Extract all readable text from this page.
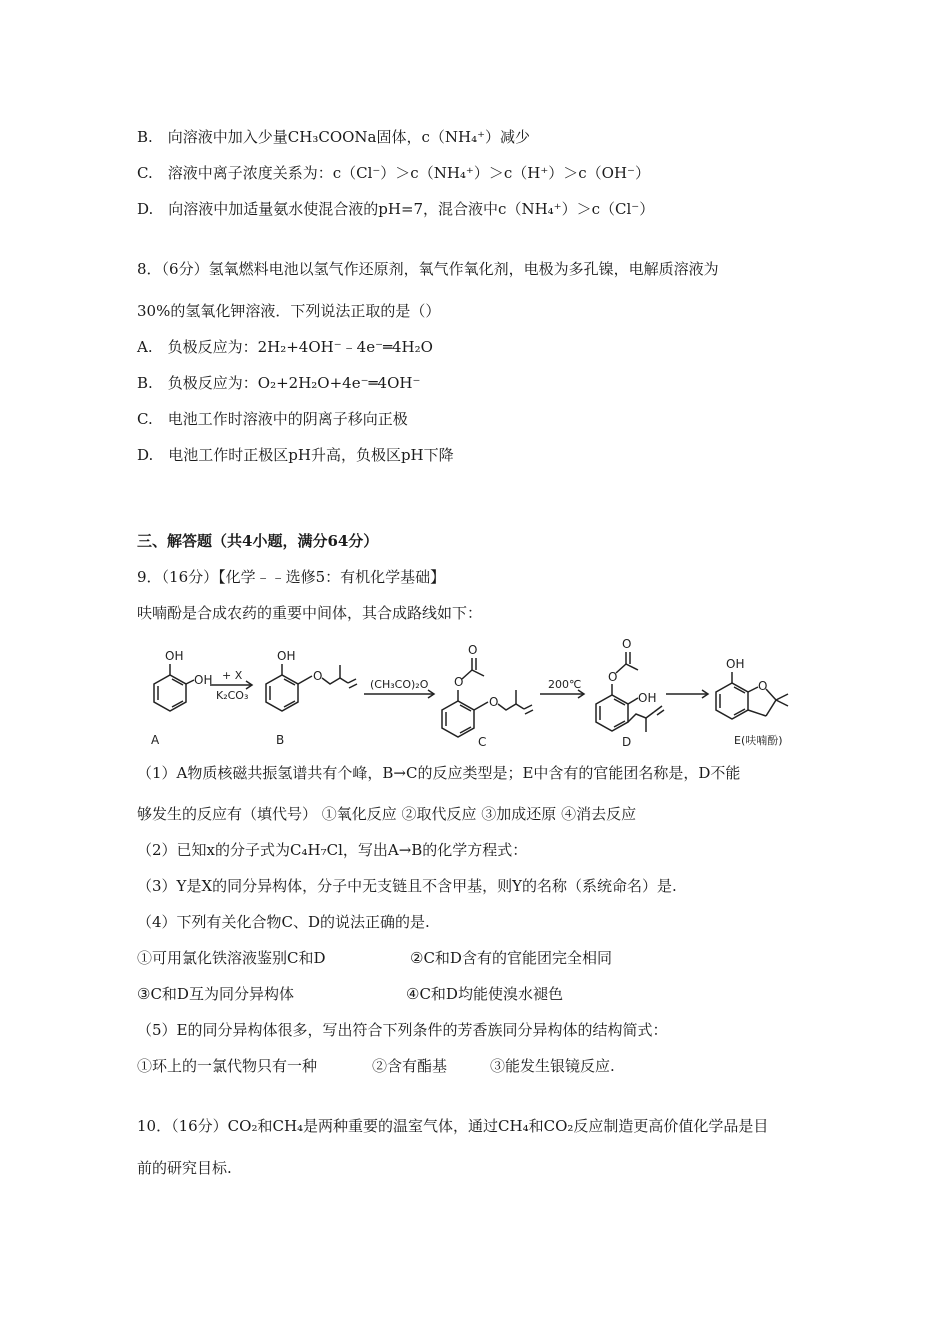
B.　向溶液中加入少量CH₃COONa固体，c（NH₄⁺）减少
C.　溶液中离子浓度关系为：c（Cl⁻）＞c（NH₄⁺）＞c（H⁺）＞c（OH⁻）
D.　向溶液中加适量氨水使混合液的pH=7，混合液中c（NH₄⁺）＞c（Cl⁻）
8．（6分）氢氧燃料电池以氢气作还原剂，氧气作氧化剂，电极为多孔镍，电解质溶液为
30%的氢氧化钾溶液．下列说法正取的是（）
A.　负极反应为：2H₂+4OH⁻﹣4e⁻═4H₂O
B.　负极反应为：O₂+2H₂O+4e⁻═4OH⁻
C.　电池工作时溶液中的阴离子移向正极
D.　电池工作时正极区pH升高，负极区pH下降
三、解答题（共4小题，满分64分）
9．（16分）【化学﹣﹣选修5：有机化学基础】
呋喃酚是合成农药的重要中间体，其合成路线如下：
OH
OH
OH
O
+ X
K₂CO₃
(CH₃CO)₂O O
O
O
200℃
O
O
OH
OH
O
A	B	C	D	E(呋喃酚)
（1）A物质核磁共振氢谱共有个峰，B→C的反应类型是；E中含有的官能团名称是，D不能
够发生的反应有（填代号） ①氧化反应 ②取代反应 ③加成还原 ④消去反应
（2）已知x的分子式为C₄H₇Cl，写出A→B的化学方程式：
（3）Y是X的同分异构体，分子中无支链且不含甲基，则Y的名称（系统命名）是.
（4）下列有关化合物C、D的说法正确的是.
①可用氯化铁溶液鉴别C和D	②C和D含有的官能团完全相同
③C和D互为同分异构体	④C和D均能使溴水褪色
（5）E的同分异构体很多，写出符合下列条件的芳香族同分异构体的结构简式：
①环上的一氯代物只有一种	②含有酯基	③能发生银镜反应.
10．（16分）CO₂和CH₄是两种重要的温室气体，通过CH₄和CO₂反应制造更高价值化学品是目
前的研究目标.
